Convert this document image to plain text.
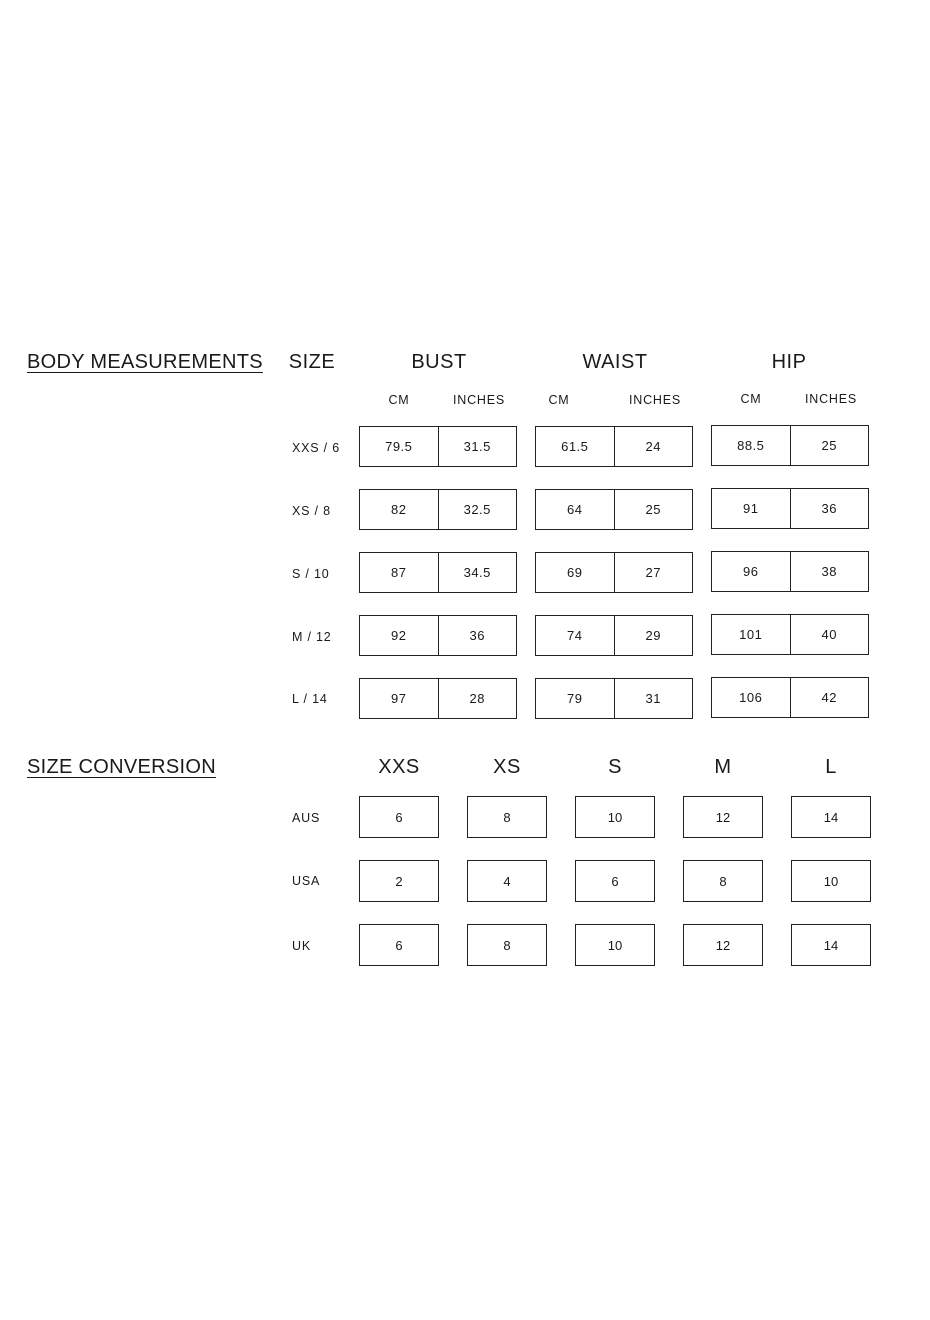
BODY MEASUREMENTS SIZE	BUST	WAIST	HIP
CM	INCHES	CM	INCHES	CM	INCHES
XXS / 6	79.5	31.5	61.5	24	88.5	25
XS / 8	82	32.5	64	25	91	36
S / 10	87	34.5	69	27	96	38
M / 12	92	36	74	29	101	40
L / 14	97	28	79	31	106	42
SIZE CONVERSION	XXS	XS	S	M	L
AUS	6	8	10	12	14
USA	2	4	6	8	10
UK	6	8	10	12	14
